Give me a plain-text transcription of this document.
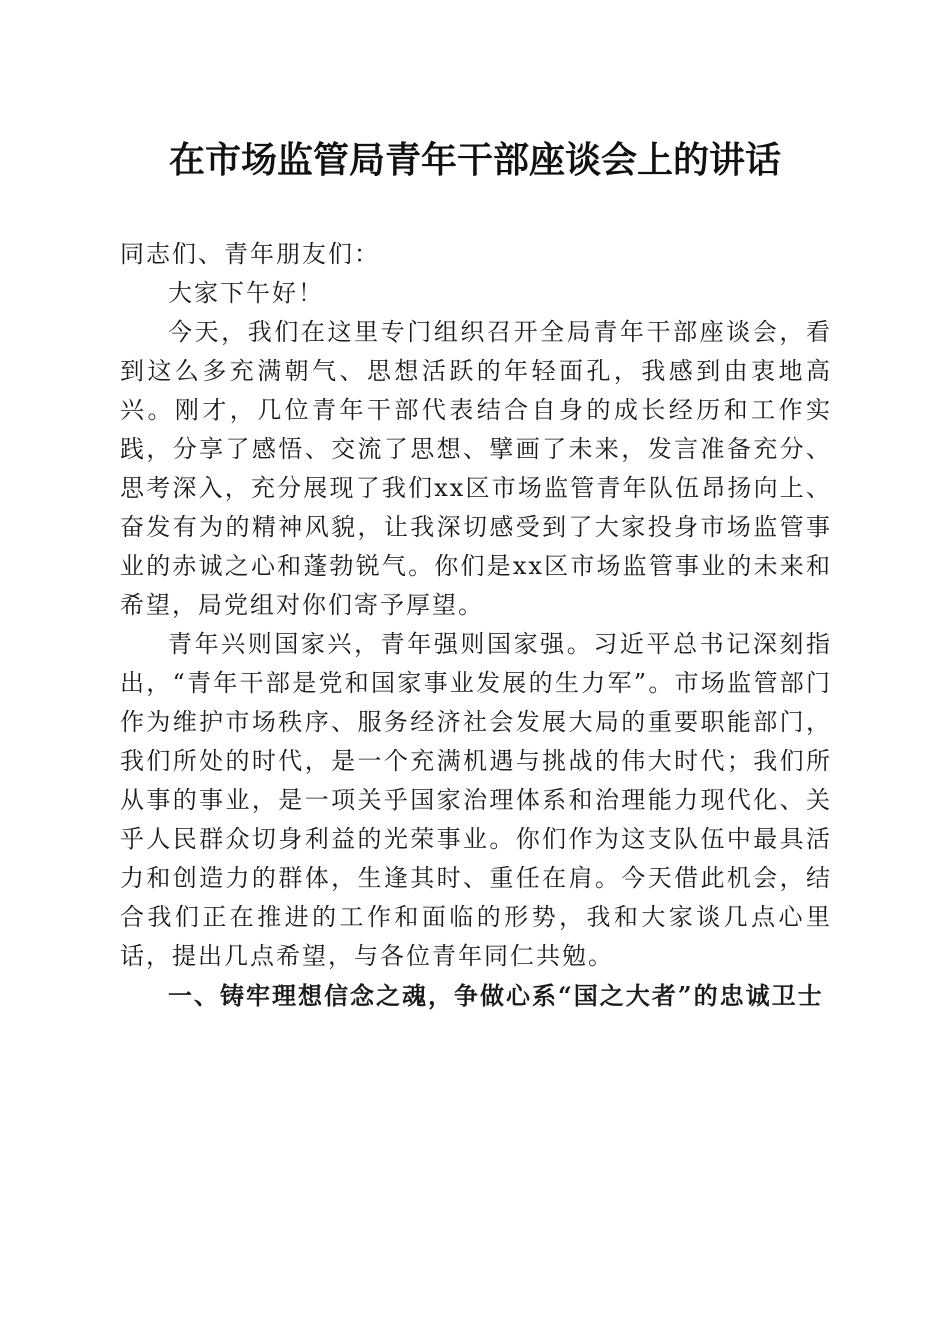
在市场监管局青年干部座谈会上的讲话

同志们、青年朋友们：

大家下午好！

今天，我们在这里专门组织召开全局青年干部座谈会，看到这么多充满朝气、思想活跃的年轻面孔，我感到由衷地高兴。刚才，几位青年干部代表结合自身的成长经历和工作实践，分享了感悟、交流了思想、擘画了未来，发言准备充分、思考深入，充分展现了我们xx区市场监管青年队伍昂扬向上、奋发有为的精神风貌，让我深切感受到了大家投身市场监管事业的赤诚之心和蓬勃锐气。你们是xx区市场监管事业的未来和希望，局党组对你们寄予厚望。

青年兴则国家兴，青年强则国家强。习近平总书记深刻指出，“青年干部是党和国家事业发展的生力军”。市场监管部门作为维护市场秩序、服务经济社会发展大局的重要职能部门，我们所处的时代，是一个充满机遇与挑战的伟大时代；我们所从事的事业，是一项关乎国家治理体系和治理能力现代化、关乎人民群众切身利益的光荣事业。你们作为这支队伍中最具活力和创造力的群体，生逢其时、重任在肩。今天借此机会，结合我们正在推进的工作和面临的形势，我和大家谈几点心里话，提出几点希望，与各位青年同仁共勉。

一、铸牢理想信念之魂，争做心系“国之大者”的忠诚卫士
